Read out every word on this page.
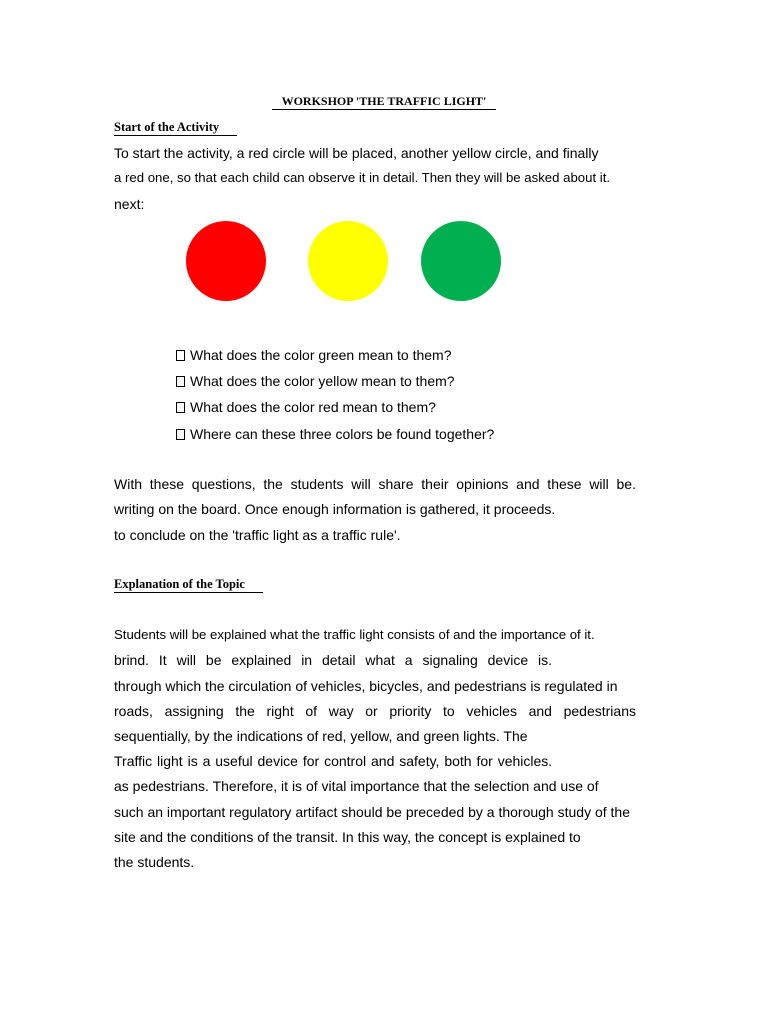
WORKSHOP 'THE TRAFFIC LIGHT'
Start of the Activity
To start the activity, a red circle will be placed, another yellow circle, and finally
a red one, so that each child can observe it in detail. Then they will be asked about it.
next:
What does the color green mean to them?
What does the color yellow mean to them?
What does the color red mean to them?
Where can these three colors be found together?
With these questions, the students will share their opinions and these will be.
writing on the board. Once enough information is gathered, it proceeds.
to conclude on the 'traffic light as a traffic rule'.
Explanation of the Topic
Students will be explained what the traffic light consists of and the importance of it.
brind. It will be explained in detail what a signaling device is.
through which the circulation of vehicles, bicycles, and pedestrians is regulated in
roads, assigning the right of way or priority to vehicles and pedestrians
sequentially, by the indications of red, yellow, and green lights. The
Traffic light is a useful device for control and safety, both for vehicles.
as pedestrians. Therefore, it is of vital importance that the selection and use of
such an important regulatory artifact should be preceded by a thorough study of the
site and the conditions of the transit. In this way, the concept is explained to
the students.
